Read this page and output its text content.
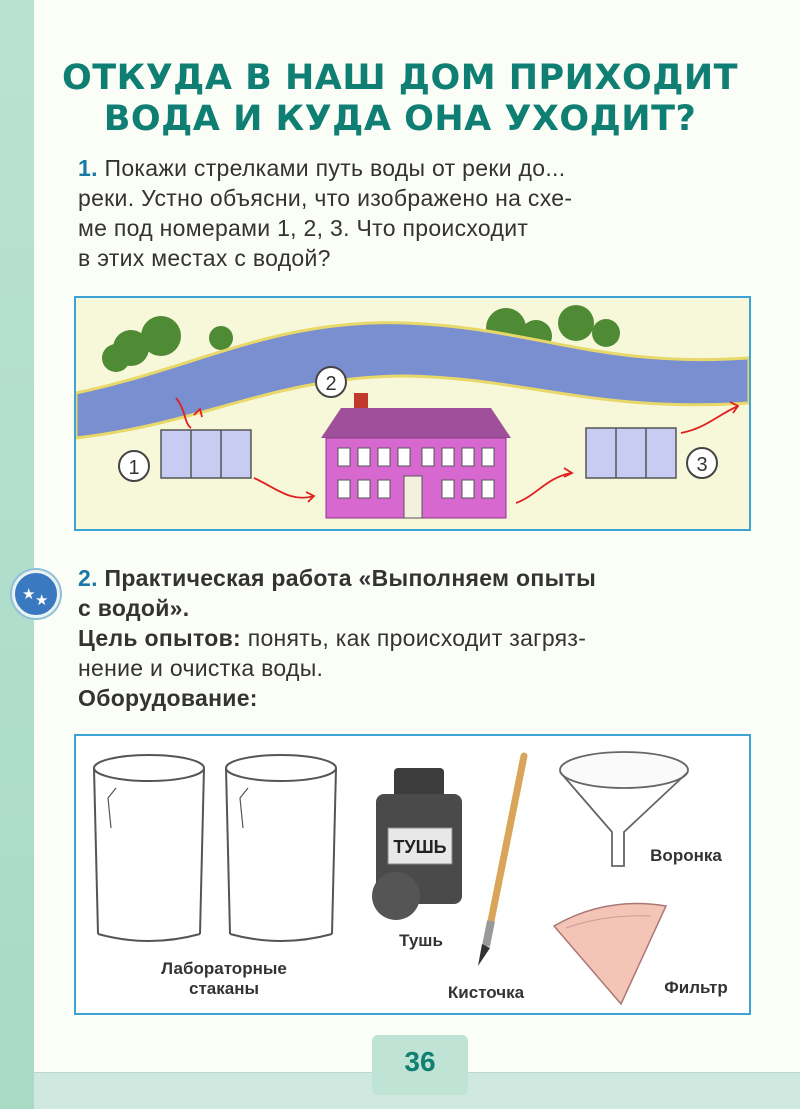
ОТКУДА В НАШ ДОМ ПРИХОДИТ
ВОДА И КУДА ОНА УХОДИТ?

1. Покажи стрелками путь воды от реки до...
реки. Устно объясни, что изображено на схе-
ме под номерами 1, 2, 3. Что происходит
в этих местах с водой?

2
1	3
★ ★

2. Практическая работа «Выполняем опыты
с водой».

Цель опытов: понять, как происходит загряз-
нение и очистка воды.
Оборудование:

Лабораторные
стаканы
ТУШЬ
Тушь
Кисточка
Воронка
Фильтр
36
